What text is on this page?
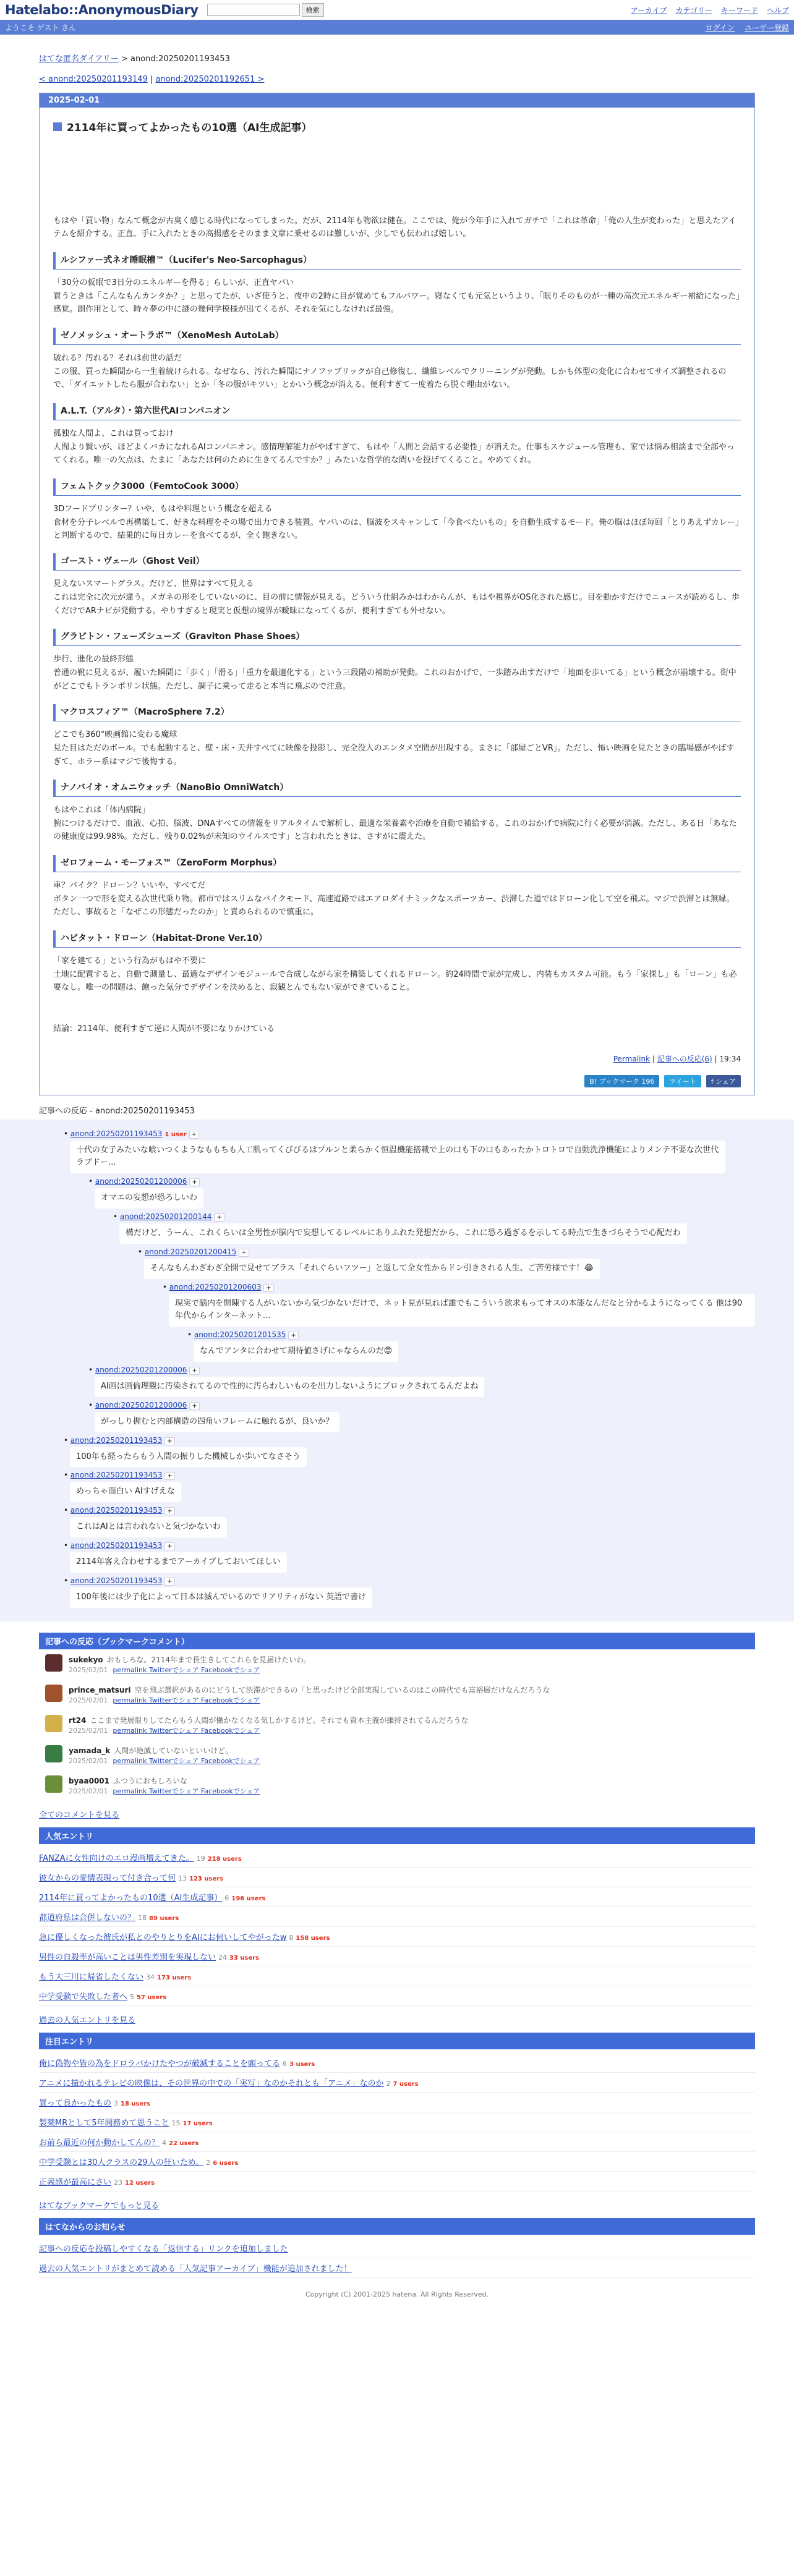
Hatelabo::AnonymousDiary	検索	アーカイブ カテゴリー キーワード ヘルプ
ようこそ ゲスト さん	ログイン ユーザー登録
はてな匿名ダイアリー > anond:20250201193453
< anond:20250201193149 | anond:20250201192651 >
2025-02-01
2114年に買ってよかったもの10選（AI生成記事）

もはや「買い物」なんて概念が古臭く感じる時代になってしまった。だが、2114年も物欲は健在。ここでは、俺が今年手に入れてガチで「これは革命」「俺の人生が変わった」と思えたアイテムを紹介する。正直、手に入れたときの高揚感をそのまま文章に乗せるのは難しいが、少しでも伝われば嬉しい。

ルシファー式ネオ睡眠槽™（Lucifer's Neo-Sarcophagus）
「30分の仮眠で3日分のエネルギーを得る」らしいが、正直ヤバい

買うときは「こんなもんカンタか？」と思ってたが、いざ使うと、夜中の2時に目が覚めてもフルパワー。寝なくても元気というより、「眠りそのものが一種の高次元エネルギー補給になった」感覚。副作用として、時々夢の中に謎の幾何学模様が出てくるが、それを気にしなければ最強。

ゼノメッシュ・オートラボ™（XenoMesh AutoLab）
破れる？汚れる？それは前世の話だ

この服、買った瞬間から一生着続けられる。なぜなら、汚れた瞬間にナノファブリックが自己修復し、繊維レベルでクリーニングが発動。しかも体型の変化に合わせてサイズ調整されるので、「ダイエットしたら服が合わない」とか「冬の服がキツい」とかいう概念が消える。便利すぎて一度着たら脱ぐ理由がない。

A.L.T.（アルタ）・第六世代AIコンパニオン
孤独な人間よ、これは買っておけ

人間より賢いが、ほどよくバカになれるAIコンパニオン。感情理解能力がやばすぎて、もはや「人間と会話する必要性」が消えた。仕事もスケジュール管理も、家では悩み相談まで全部やってくれる。唯一の欠点は、たまに「あなたは何のために生きてるんですか？」みたいな哲学的な問いを投げてくること。やめてくれ。

フェムトクック3000（FemtoCook 3000）
3Dフードプリンター？いや、もはや料理という概念を超える

食材を分子レベルで再構築して、好きな料理をその場で出力できる装置。ヤバいのは、脳波をスキャンして「今食べたいもの」を自動生成するモード。俺の脳はほぼ毎回「とりあえずカレー」と判断するので、結果的に毎日カレーを食べてるが、全く飽きない。

ゴースト・ヴェール（Ghost Veil）
見えないスマートグラス。だけど、世界はすべて見える

これは完全に次元が違う。メガネの形をしていないのに、目の前に情報が見える。どういう仕組みかはわからんが、もはや視界がOS化された感じ。目を動かすだけでニュースが読めるし、歩くだけでARナビが発動する。やりすぎると現実と仮想の境界が曖昧になってくるが、便利すぎても外せない。

グラビトン・フェーズシューズ（Graviton Phase Shoes）
歩行、進化の最終形態

普通の靴に見えるが、履いた瞬間に「歩く」「滑る」「重力を最適化する」という三段階の補助が発動。これのおかげで、一歩踏み出すだけで「地面を歩いてる」という概念が崩壊する。街中がどこでもトランポリン状態。ただし、調子に乗って走ると本当に飛ぶので注意。

マクロスフィア™（MacroSphere 7.2）
どこでも360°映画館に変わる魔球

見た目はただのボール。でも起動すると、壁・床・天井すべてに映像を投影し、完全没入のエンタメ空間が出現する。まさに「部屋ごとVR」。ただし、怖い映画を見たときの臨場感がやばすぎて、ホラー系はマジで後悔する。

ナノバイオ・オムニウォッチ（NanoBio OmniWatch）
もはやこれは「体内病院」

腕につけるだけで、血液、心拍、脳波、DNAすべての情報をリアルタイムで解析し、最適な栄養素や治療を自動で補給する。これのおかげで病院に行く必要が消滅。ただし、ある日「あなたの健康度は99.98%。ただし、残り0.02%が未知のウイルスです」と言われたときは、さすがに震えた。

ゼロフォーム・モーフォス™（ZeroForm Morphus）
車？バイク？ドローン？いいや、すべてだ

ボタン一つで形を変える次世代乗り物。都市ではスリムなバイクモード、高速道路ではエアロダイナミックなスポーツカー、渋滞した道ではドローン化して空を飛ぶ。マジで渋滞とは無縁。ただし、事故ると「なぜこの形態だったのか」と責められるので慎重に。

ハビタット・ドローン（Habitat-Drone Ver.10）
「家を建てる」という行為がもはや不要に

土地に配置すると、自動で測量し、最適なデザインモジュールで合成しながら家を構築してくれるドローン。約24時間で家が完成し、内装もカスタム可能。もう「家探し」も「ローン」も必要なし。唯一の問題は、飽った気分でデザインを決めると、寂観とんでもない家ができていること。

結論：2114年、便利すぎて逆に人間が不要になりかけている
Permalink | 記事への反応(6) | 19:34
B! ブックマーク 196	ツイート	f シェア
記事への反応 - anond:20250201193453
• anond:20250201193453 1 user +
十代の女子みたいな喰いつくようなももちも人工肌ってくびびるはプルンと柔らかく恒温機能搭載で上の口も下の口もあったかトロトロで自動洗浄機能によりメンテ不要な次世代ラブドー...
• anond:20250201200006 +
オマエの妄想が恐ろしいわ
• anond:20250201200144 +
構だけど、うーん、これくらいは全男性が脳内で妄想してるレベルにありふれた発想だから、これに恐ろ過ぎるを示してる時点で生きづらそうで心配だわ
• anond:20250201200415 +
そんなもんわざわざ全開で見せてブラス「それぐらいフツー」と返して全女性からドン引きされる人生、ご苦労様です！😂
• anond:20250201200603 +
現実で脳内を開陳する人がいないから気づかないだけで、ネット見が見れば誰でもこういう欲求もってオスの本能なんだなと分かるようになってくる 他は90年代からインターネット...
• anond:20250201201535 +
なんでアンタに合わせて期待値さげにゃならんのだ😡
• anond:20250201200006 +
AI画は画倫理観に汚染されてるので性的に汚らわしいものを出力しないようにブロックされてるんだよね
• anond:20250201200006 +
がっしり握むと内部構造の四角いフレームに触れるが、良いか？
• anond:20250201193453 +
100年も経ったらもう人間の振りした機械しか歩いてなさそう
• anond:20250201193453 +
めっちゃ面白い AIすげえな
• anond:20250201193453 +
これはAIとは言われないと気づかないわ
• anond:20250201193453 +
2114年客え合わせするまでアーカイブしておいてほしい
• anond:20250201193453 +
100年後には少子化によって日本は滅んでいるのでリアリティがない 英語で書け
記事への反応（ブックマークコメント）
sukekyo おもしろな。2114年まで長生きしてこれらを見届けたいわ。
2025/02/01 permalink Twitterでシェア Facebookでシェア
prince_matsuri 空を飛ぶ選択があるのにどうして渋滞ができるの「と思ったけど全部実現しているのはこの時代でも富裕層だけなんだろうな
2025/02/01 permalink Twitterでシェア Facebookでシェア
rt24 ここまで発展限りしてたらもう人間が働かなくなる気しかするけど。それでも資本主義が維持されてるんだろうな
2025/02/01 permalink Twitterでシェア Facebookでシェア
yamada_k 人間が絶滅していないといいけど。
2025/02/01 permalink Twitterでシェア Facebookでシェア
byaa0001 ふつうにおもしろいな
2025/02/01 permalink Twitterでシェア Facebookでシェア
全てのコメントを見る
人気エントリ
FANZAに女性向けのエロ漫画増えてきた。 19 218 users
彼女からの愛情表現って付き合って何 13 123 users
2114年に買ってよかったもの10選（AI生成記事） 6 196 users
都道府県は合併しないの？ 18 89 users
急に優しくなった彼氏が私とのやりとりをAIにお伺いしてやがったw 8 158 users
男性の自殺率が高いことは男性差別を実現しない 24 33 users
もう大三川に帰省したくない 34 173 users
中学受験で失敗した者へ 5 57 users
過去の人気エントリを見る
注目エントリ
俺に偽物や皆の為をドロラバかけたやつが破滅することを願ってる 6 3 users
アニメに描かれるテレビの映像は、その世界の中での「実写」なのかそれとも「アニメ」なのか 2 7 users
買って良かったもの 3 18 users
製薬MRとして5年間務めて思うこと 15 17 users
お前ら最近の何か動かしてんの？ 4 22 users
中学受験とは30人クラスの29人の狂いため。 2 6 users
正義感が最高にさい 23 12 users
はてなブックマークでもっと見る
はてなからのお知らせ
記事への反応を投稿しやすくなる「返信する」リンクを追加しました
過去の人気エントリがまとめて読める「人気記事アーカイブ」機能が追加されました！
Copyright (C) 2001-2025 hatena. All Rights Reserved.
